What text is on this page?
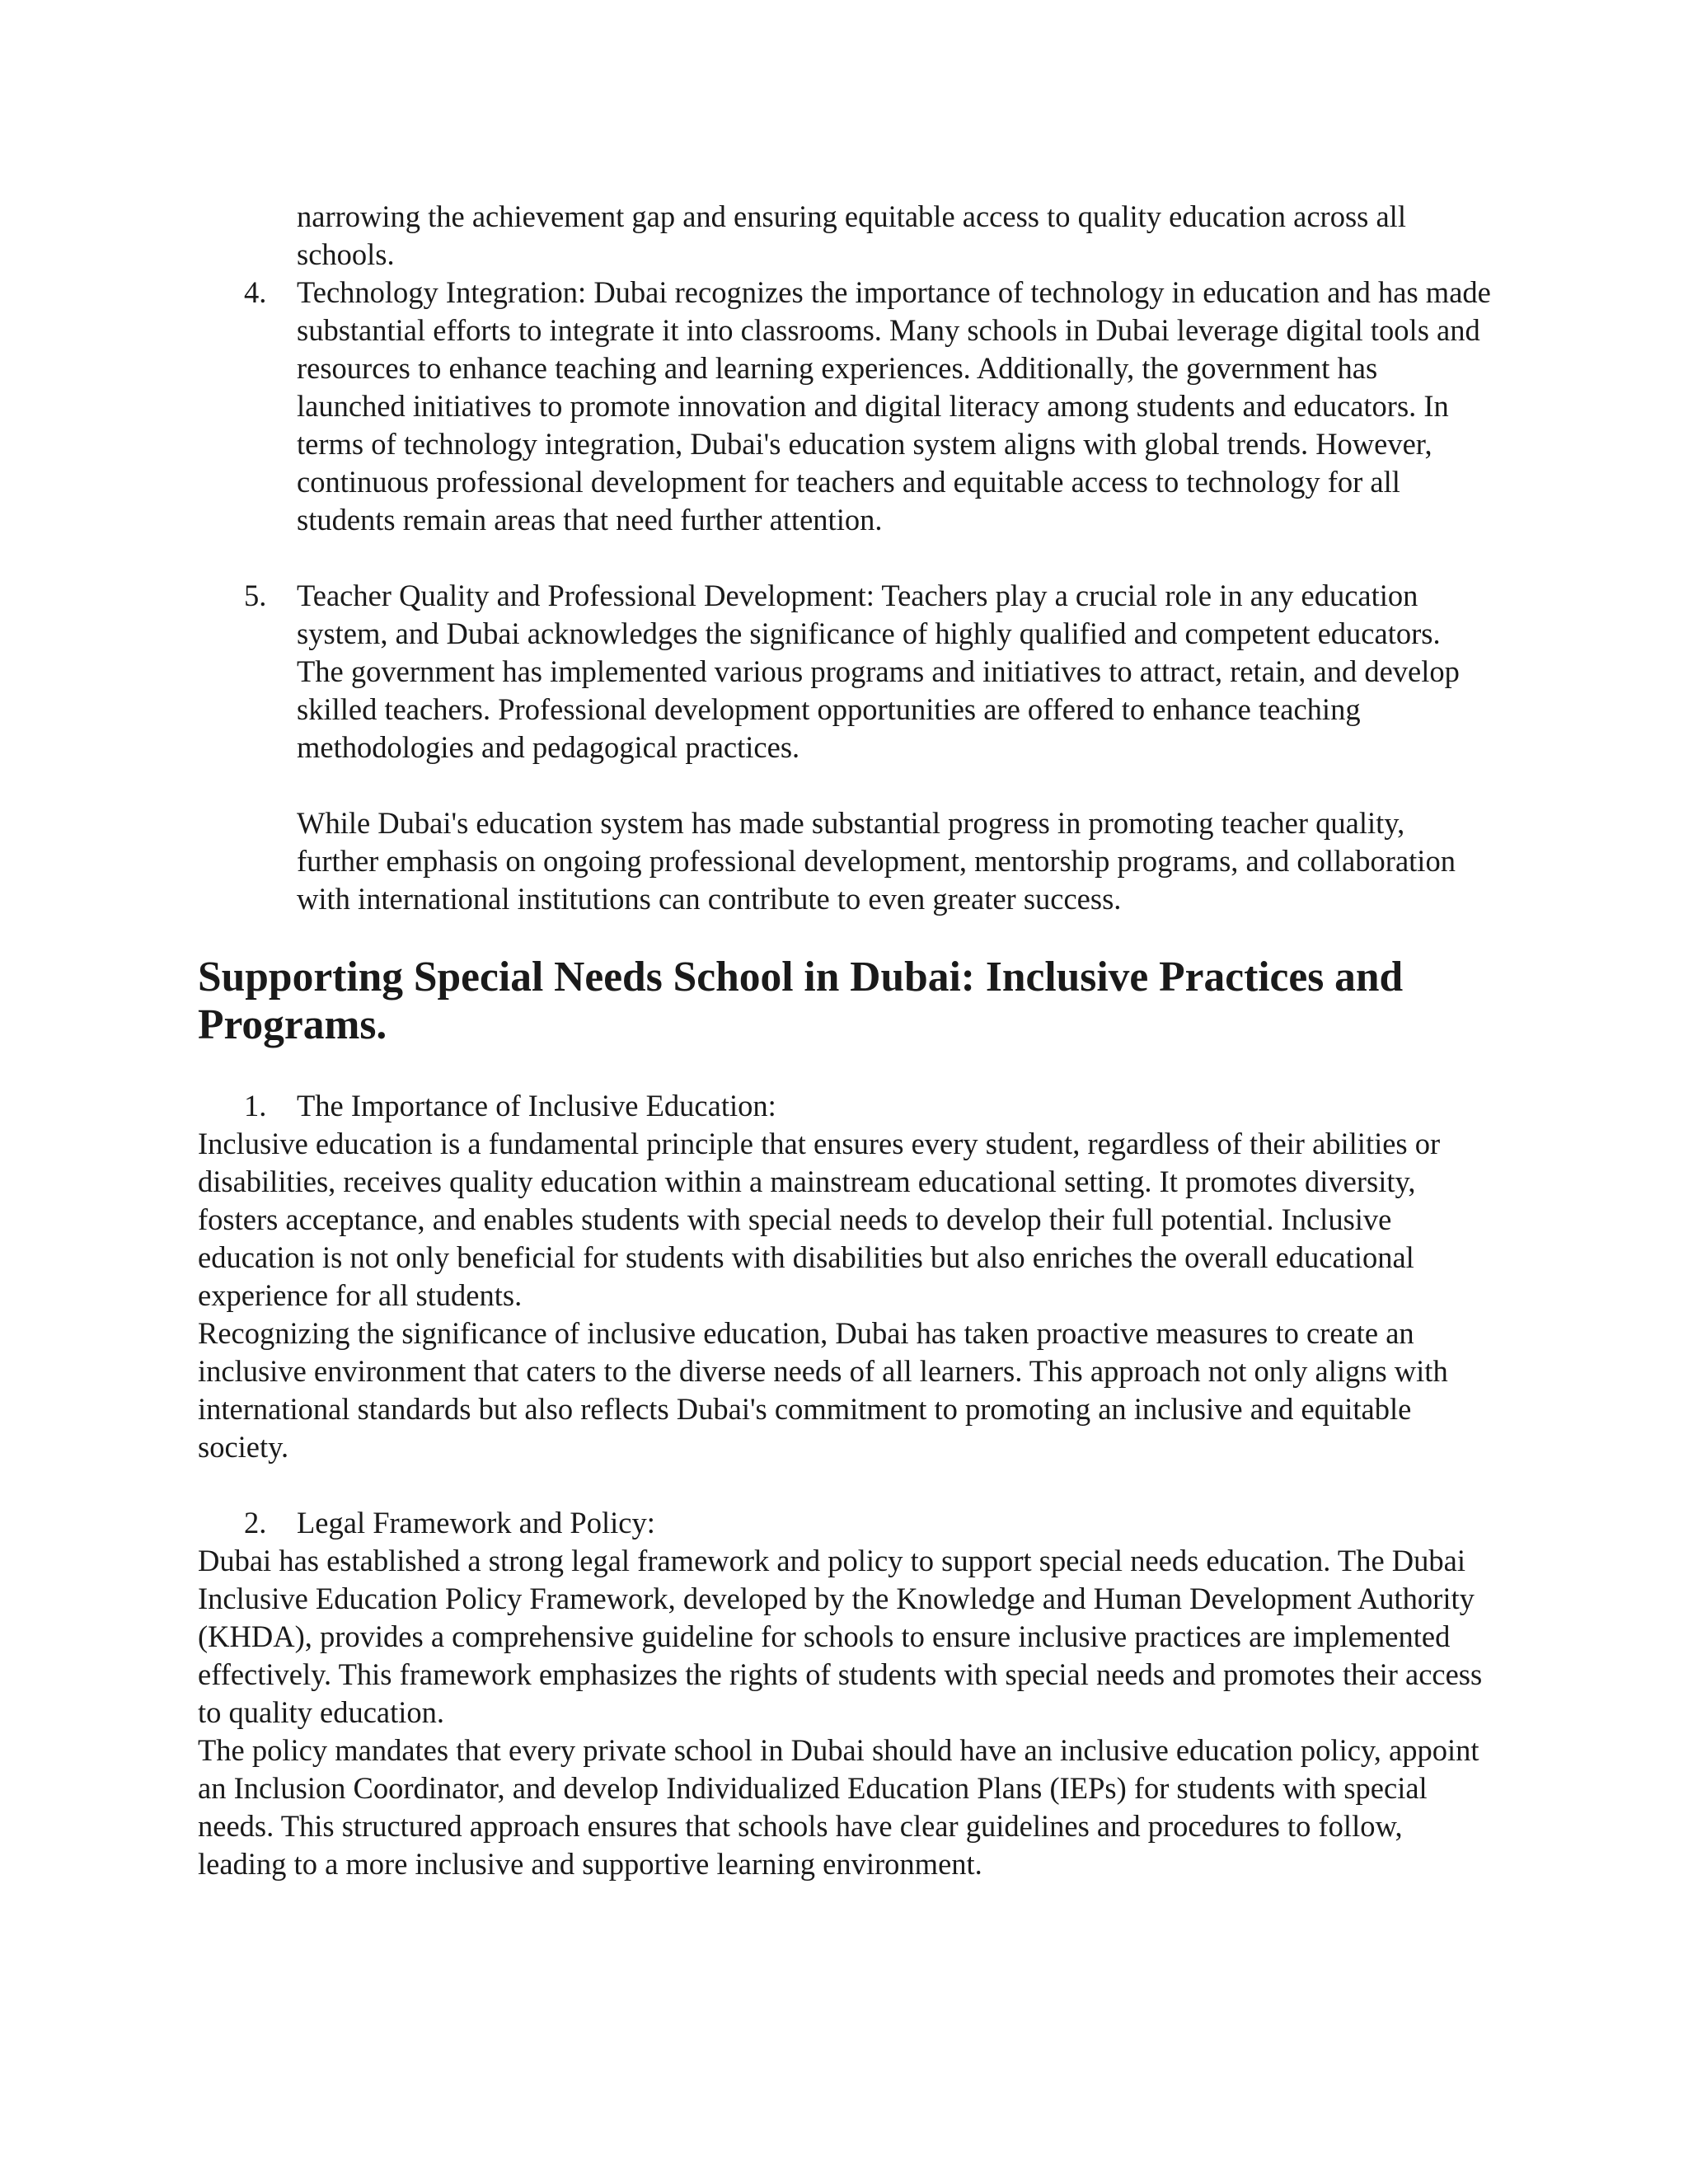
narrowing the achievement gap and ensuring equitable access to quality education across all schools.

4. Technology Integration: Dubai recognizes the importance of technology in education and has made substantial efforts to integrate it into classrooms. Many schools in Dubai leverage digital tools and resources to enhance teaching and learning experiences. Additionally, the government has launched initiatives to promote innovation and digital literacy among students and educators. In terms of technology integration, Dubai's education system aligns with global trends. However, continuous professional development for teachers and equitable access to technology for all students remain areas that need further attention.
5. Teacher Quality and Professional Development: Teachers play a crucial role in any education system, and Dubai acknowledges the significance of highly qualified and competent educators. The government has implemented various programs and initiatives to attract, retain, and develop skilled teachers. Professional development opportunities are offered to enhance teaching methodologies and pedagogical practices.

While Dubai's education system has made substantial progress in promoting teacher quality, further emphasis on ongoing professional development, mentorship programs, and collaboration with international institutions can contribute to even greater success.

Supporting Special Needs School in Dubai: Inclusive Practices and Programs.
1. The Importance of Inclusive Education:

Inclusive education is a fundamental principle that ensures every student, regardless of their abilities or disabilities, receives quality education within a mainstream educational setting. It promotes diversity, fosters acceptance, and enables students with special needs to develop their full potential. Inclusive education is not only beneficial for students with disabilities but also enriches the overall educational experience for all students.

Recognizing the significance of inclusive education, Dubai has taken proactive measures to create an inclusive environment that caters to the diverse needs of all learners. This approach not only aligns with international standards but also reflects Dubai's commitment to promoting an inclusive and equitable society.

2. Legal Framework and Policy:

Dubai has established a strong legal framework and policy to support special needs education. The Dubai Inclusive Education Policy Framework, developed by the Knowledge and Human Development Authority (KHDA), provides a comprehensive guideline for schools to ensure inclusive practices are implemented effectively. This framework emphasizes the rights of students with special needs and promotes their access to quality education.

The policy mandates that every private school in Dubai should have an inclusive education policy, appoint an Inclusion Coordinator, and develop Individualized Education Plans (IEPs) for students with special needs. This structured approach ensures that schools have clear guidelines and procedures to follow, leading to a more inclusive and supportive learning environment.
